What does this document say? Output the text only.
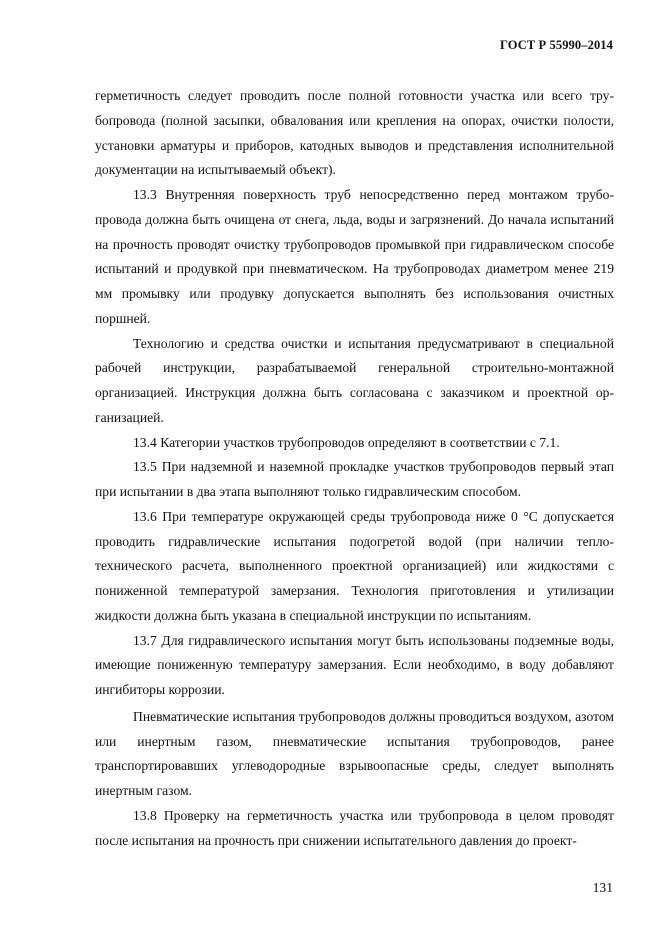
ГОСТ Р 55990–2014

герметичность следует проводить после полной готовности участка или всего трубопровода (полной засыпки, обвалования или крепления на опорах, очистки полости, установки арматуры и приборов, катодных выводов и представления исполнительной документации на испытываемый объект).

13.3 Внутренняя поверхность труб непосредственно перед монтажом трубопровода должна быть очищена от снега, льда, воды и загрязнений. До начала испытаний на прочность проводят очистку трубопроводов промывкой при гидравлическом способе испытаний и продувкой при пневматическом. На трубопроводах диаметром менее 219 мм промывку или продувку допускается выполнять без использования очистных поршней.

Технологию и средства очистки и испытания предусматривают в специальной рабочей инструкции, разрабатываемой генеральной строительно-монтажной организацией. Инструкция должна быть согласована с заказчиком и проектной организацией.

13.4 Категории участков трубопроводов определяют в соответствии с 7.1.

13.5 При надземной и наземной прокладке участков трубопроводов первый этап при испытании в два этапа выполняют только гидравлическим способом.

13.6 При температуре окружающей среды трубопровода ниже 0 °С допускается проводить гидравлические испытания подогретой водой (при наличии теплотехнического расчета, выполненного проектной организацией) или жидкостями с пониженной температурой замерзания. Технология приготовления и утилизации жидкости должна быть указана в специальной инструкции по испытаниям.

13.7 Для гидравлического испытания могут быть использованы подземные воды, имеющие пониженную температуру замерзания. Если необходимо, в воду добавляют ингибиторы коррозии.

Пневматические испытания трубопроводов должны проводиться воздухом, азотом или инертным газом, пневматические испытания трубопроводов, ранее транспортировавших углеводородные взрывоопасные среды, следует выполнять инертным газом.

13.8 Проверку на герметичность участка или трубопровода в целом проводят после испытания на прочность при снижении испытательного давления до проект-

131
